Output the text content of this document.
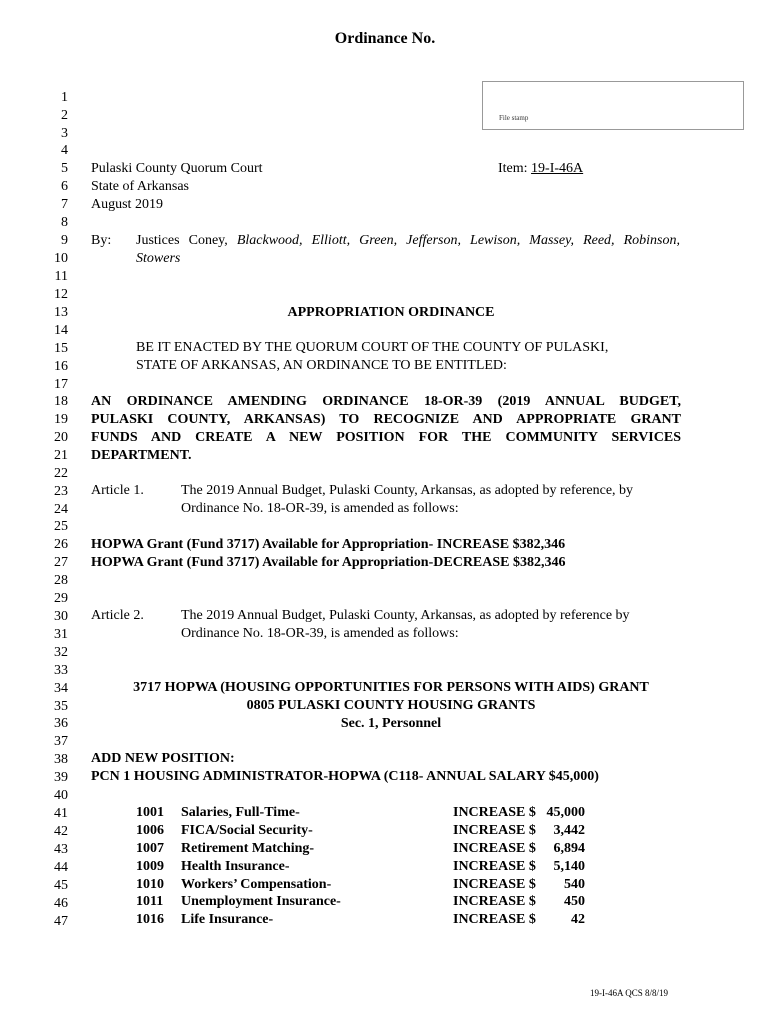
Ordinance No.
File stamp
1
2
3
4
5
6
7
8
9
10
11
12
13
14
15
16
17
18
19
20
21
22
23
24
25
26
27
28
29
30
31
32
33
34
35
36
37
38
39
40
41
42
43
44
45
46
47
Pulaski County Quorum Court	Item: 19-I-46A
State of Arkansas
August 2019
By: Justices Coney, Blackwood, Elliott, Green, Jefferson, Lewison, Massey, Reed, Robinson,
Stowers
APPROPRIATION ORDINANCE
BE IT ENACTED BY THE QUORUM COURT OF THE COUNTY OF PULASKI,
STATE OF ARKANSAS, AN ORDINANCE TO BE ENTITLED:
AN ORDINANCE AMENDING ORDINANCE 18-OR-39 (2019 ANNUAL BUDGET,
PULASKI COUNTY, ARKANSAS) TO RECOGNIZE AND APPROPRIATE GRANT
FUNDS AND CREATE A NEW POSITION FOR THE COMMUNITY SERVICES
DEPARTMENT.
Article 1.	The 2019 Annual Budget, Pulaski County, Arkansas, as adopted by reference, by
Ordinance No. 18-OR-39, is amended as follows:
HOPWA Grant (Fund 3717) Available for Appropriation- INCREASE $382,346
HOPWA Grant (Fund 3717) Available for Appropriation-DECREASE $382,346
Article 2.	The 2019 Annual Budget, Pulaski County, Arkansas, as adopted by reference by
Ordinance No. 18-OR-39, is amended as follows:
3717 HOPWA (HOUSING OPPORTUNITIES FOR PERSONS WITH AIDS) GRANT
0805 PULASKI COUNTY HOUSING GRANTS
Sec. 1, Personnel
ADD NEW POSITION:
PCN 1 HOUSING ADMINISTRATOR-HOPWA (C118- ANNUAL SALARY $45,000)
1001 Salaries, Full-Time-	INCREASE $ 45,000
1006 FICA/Social Security-	INCREASE $	3,442
1007 Retirement Matching-	INCREASE $	6,894
1009 Health Insurance-	INCREASE $	5,140
1010 Workers’ Compensation-	INCREASE $	540
1011 Unemployment Insurance-	INCREASE $	450
1016 Life Insurance-	INCREASE $	42
19-I-46A QCS 8/8/19
